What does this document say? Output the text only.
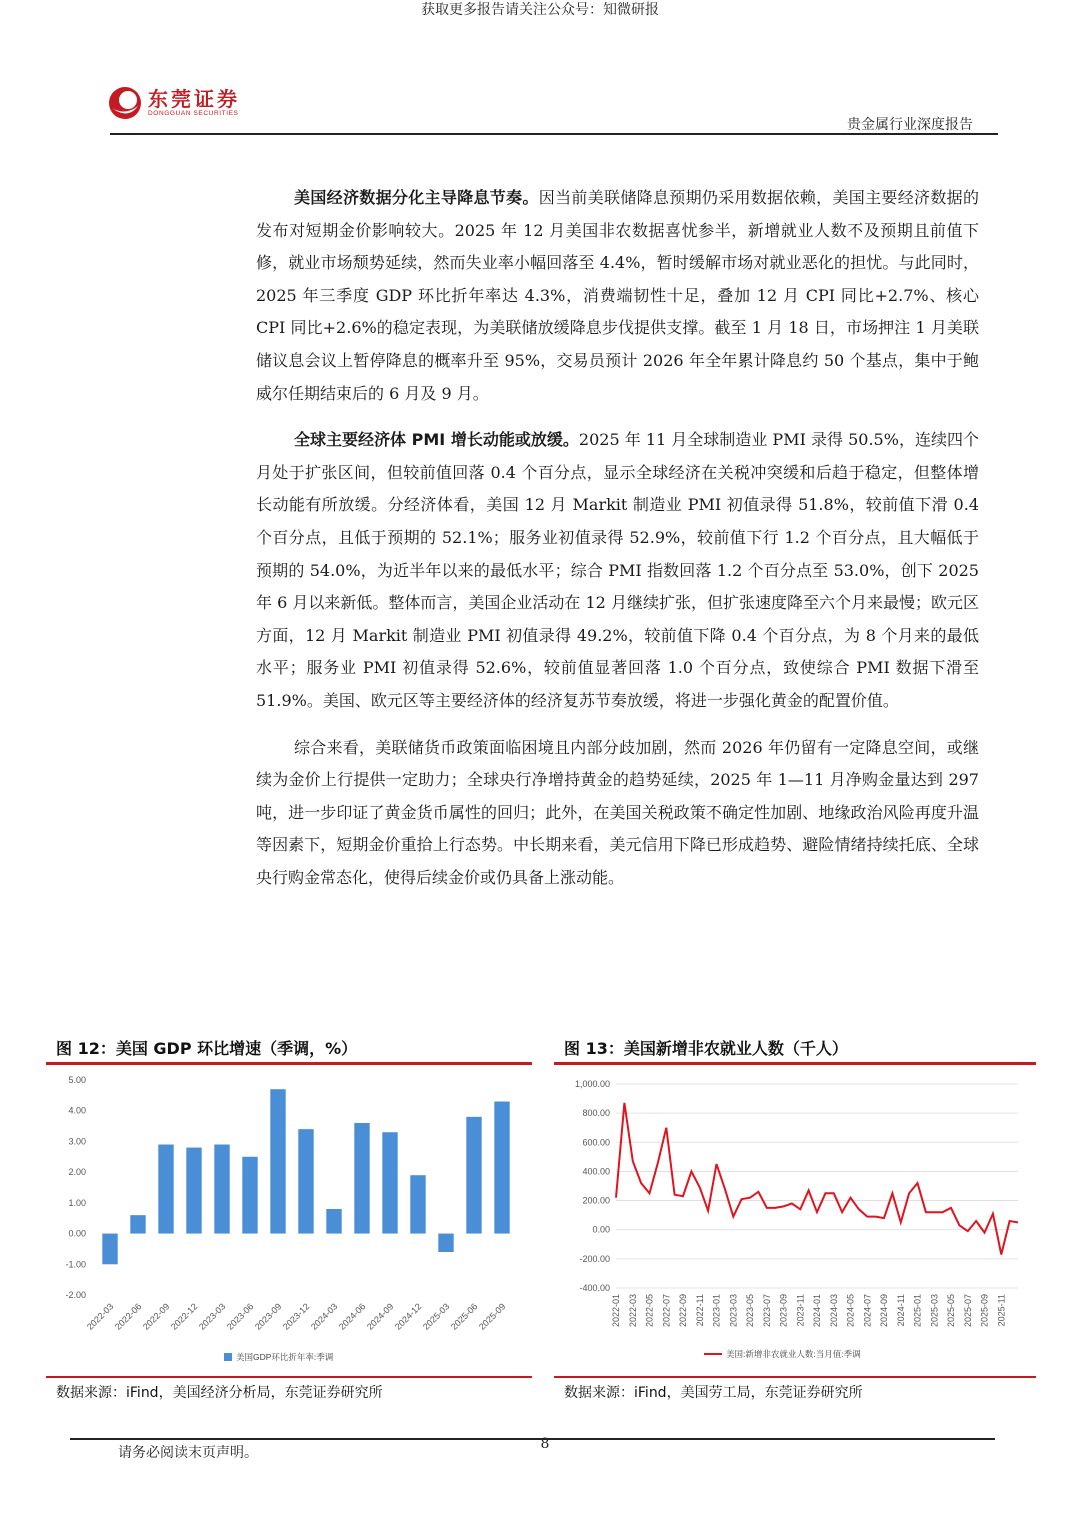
获取更多报告请关注公众号：知微研报
东莞证券
DONGGUAN SECURITIES
贵金属行业深度报告

美国经济数据分化主导降息节奏。因当前美联储降息预期仍采用数据依赖，美国主要经济数据的发布对短期金价影响较大。2025 年 12 月美国非农数据喜忧参半，新增就业人数不及预期且前值下修，就业市场颓势延续，然而失业率小幅回落至 4.4%，暂时缓解市场对就业恶化的担忧。与此同时，2025 年三季度 GDP 环比折年率达 4.3%，消费端韧性十足，叠加 12 月 CPI 同比+2.7%、核心 CPI 同比+2.6%的稳定表现，为美联储放缓降息步伐提供支撑。截至 1 月 18 日，市场押注 1 月美联储议息会议上暂停降息的概率升至 95%，交易员预计 2026 年全年累计降息约 50 个基点，集中于鲍威尔任期结束后的 6 月及 9 月。

全球主要经济体 PMI 增长动能或放缓。2025 年 11 月全球制造业 PMI 录得 50.5%，连续四个月处于扩张区间，但较前值回落 0.4 个百分点，显示全球经济在关税冲突缓和后趋于稳定，但整体增长动能有所放缓。分经济体看，美国 12 月 Markit 制造业 PMI 初值录得 51.8%，较前值下滑 0.4 个百分点，且低于预期的 52.1%；服务业初值录得 52.9%，较前值下行 1.2 个百分点，且大幅低于预期的 54.0%，为近半年以来的最低水平；综合 PMI 指数回落 1.2 个百分点至 53.0%，创下 2025 年 6 月以来新低。整体而言，美国企业活动在 12 月继续扩张，但扩张速度降至六个月来最慢；欧元区方面，12 月 Markit 制造业 PMI 初值录得 49.2%，较前值下降 0.4 个百分点，为 8 个月来的最低水平；服务业 PMI 初值录得 52.6%，较前值显著回落 1.0 个百分点，致使综合 PMI 数据下滑至 51.9%。美国、欧元区等主要经济体的经济复苏节奏放缓，将进一步强化黄金的配置价值。

综合来看，美联储货币政策面临困境且内部分歧加剧，然而 2026 年仍留有一定降息空间，或继续为金价上行提供一定助力；全球央行净增持黄金的趋势延续，2025 年 1—11 月净购金量达到 297 吨，进一步印证了黄金货币属性的回归；此外，在美国关税政策不确定性加剧、地缘政治风险再度升温等因素下，短期金价重拾上行态势。中长期来看，美元信用下降已形成趋势、避险情绪持续托底、全球央行购金常态化，使得后续金价或仍具备上涨动能。

图 12：美国 GDP 环比增速（季调，%）
5.00
4.00
3.00
2.00
1.00
0.00
-1.00
-2.00
2022-03
2022-06
2022-09
2022-12
2023-03
2023-06
2023-09
2023-12
2024-03
2024-06
2024-09
2024-12
2025-03
2025-06
2025-09
美国GDP环比折年率:季调
数据来源：iFind，美国经济分析局，东莞证券研究所
图 13：美国新增非农就业人数（千人）
1,000.00
800.00
600.00
400.00
200.00
0.00
-200.00
-400.00
2022-01 2022-03 2022-05 2022-07 2022-09 2022-11 2023-01 2023-03 2023-05 2023-07 2023-09 2023-11 2024-01 2024-03 2024-05 2024-07 2024-09 2024-11 2025-01 2025-03 2025-05 2025-07 2025-09 2025-11
美国:新增非农就业人数:当月值:季调
数据来源：iFind，美国劳工局，东莞证券研究所
8
请务必阅读末页声明。
